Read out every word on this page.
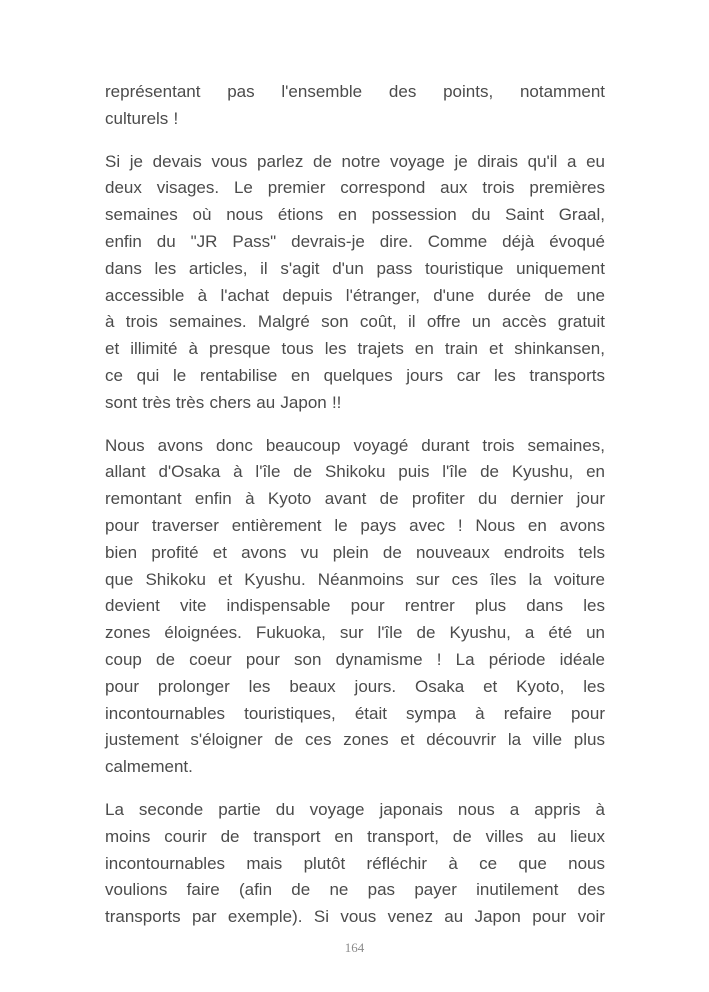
représentant pas l'ensemble des points, notamment
culturels !
Si je devais vous parlez de notre voyage je dirais qu'il a eu
deux visages. Le premier correspond aux trois premières
semaines où nous étions en possession du Saint Graal,
enfin du "JR Pass" devrais-je dire. Comme déjà évoqué
dans les articles, il s'agit d'un pass touristique uniquement
accessible à l'achat depuis l'étranger, d'une durée de une
à trois semaines. Malgré son coût, il offre un accès gratuit
et illimité à presque tous les trajets en train et shinkansen,
ce qui le rentabilise en quelques jours car les transports
sont très très chers au Japon !!
Nous avons donc beaucoup voyagé durant trois semaines,
allant d'Osaka à l'île de Shikoku puis l'île de Kyushu, en
remontant enfin à Kyoto avant de profiter du dernier jour
pour traverser entièrement le pays avec ! Nous en avons
bien profité et avons vu plein de nouveaux endroits tels
que Shikoku et Kyushu. Néanmoins sur ces îles la voiture
devient vite indispensable pour rentrer plus dans les
zones éloignées. Fukuoka, sur l'île de Kyushu, a été un
coup de coeur pour son dynamisme ! La période idéale
pour prolonger les beaux jours. Osaka et Kyoto, les
incontournables touristiques, était sympa à refaire pour
justement s'éloigner de ces zones et découvrir la ville plus
calmement.
La seconde partie du voyage japonais nous a appris à
moins courir de transport en transport, de villes au lieux
incontournables mais plutôt réfléchir à ce que nous
voulions faire (afin de ne pas payer inutilement des
transports par exemple). Si vous venez au Japon pour voir
164
